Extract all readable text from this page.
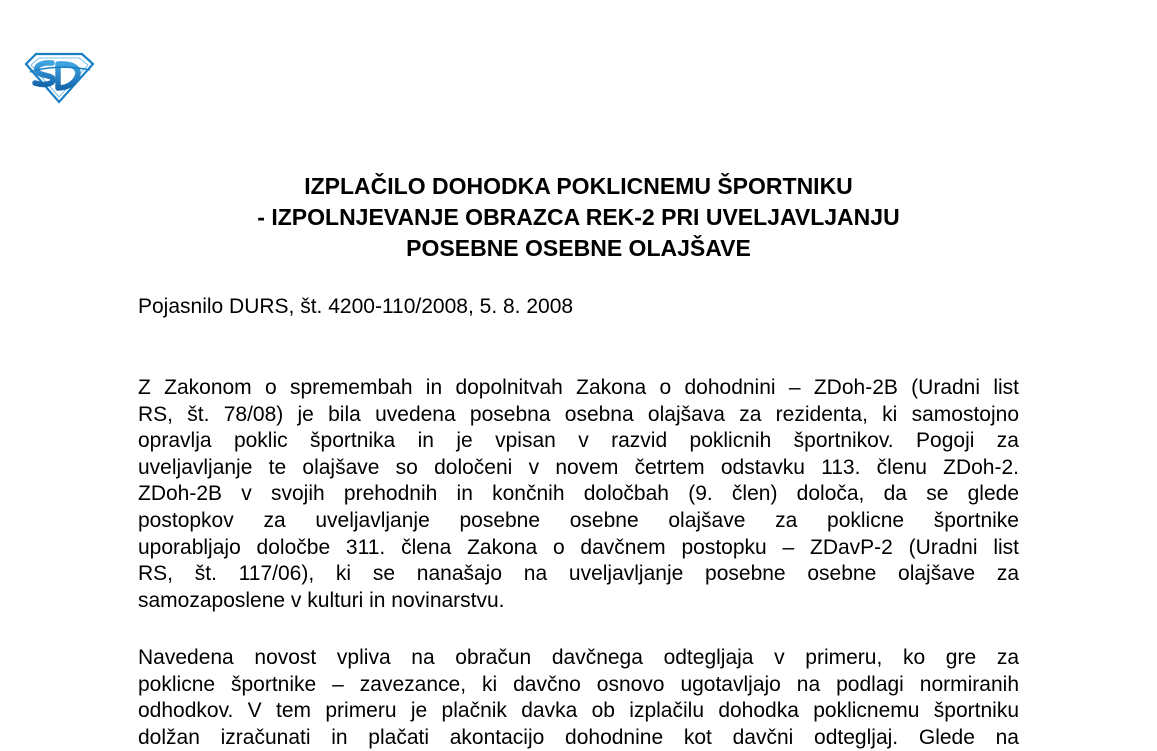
IZPLAČILO DOHODKA POKLICNEMU ŠPORTNIKU

- IZPOLNJEVANJE OBRAZCA REK-2 PRI UVELJAVLJANJU

POSEBNE OSEBNE OLAJŠAVE

Pojasnilo DURS, št. 4200-110/2008, 5. 8. 2008
Z Zakonom o spremembah in dopolnitvah Zakona o dohodnini – ZDoh-2B (Uradni list
RS, št. 78/08) je bila uvedena posebna osebna olajšava za rezidenta, ki samostojno
opravlja poklic športnika in je vpisan v razvid poklicnih športnikov. Pogoji za
uveljavljanje te olajšave so določeni v novem četrtem odstavku 113. členu ZDoh-2.
ZDoh-2B v svojih prehodnih in končnih določbah (9. člen) določa, da se glede
postopkov za uveljavljanje posebne osebne olajšave za poklicne športnike
uporabljajo določbe 311. člena Zakona o davčnem postopku – ZDavP-2 (Uradni list
RS, št. 117/06), ki se nanašajo na uveljavljanje posebne osebne olajšave za
samozaposlene v kulturi in novinarstvu.
Navedena novost vpliva na obračun davčnega odtegljaja v primeru, ko gre za
poklicne športnike – zavezance, ki davčno osnovo ugotavljajo na podlagi normiranih
odhodkov. V tem primeru je plačnik davka ob izplačilu dohodka poklicnemu športniku
dolžan izračunati in plačati akontacijo dohodnine kot davčni odtegljaj. Glede na
